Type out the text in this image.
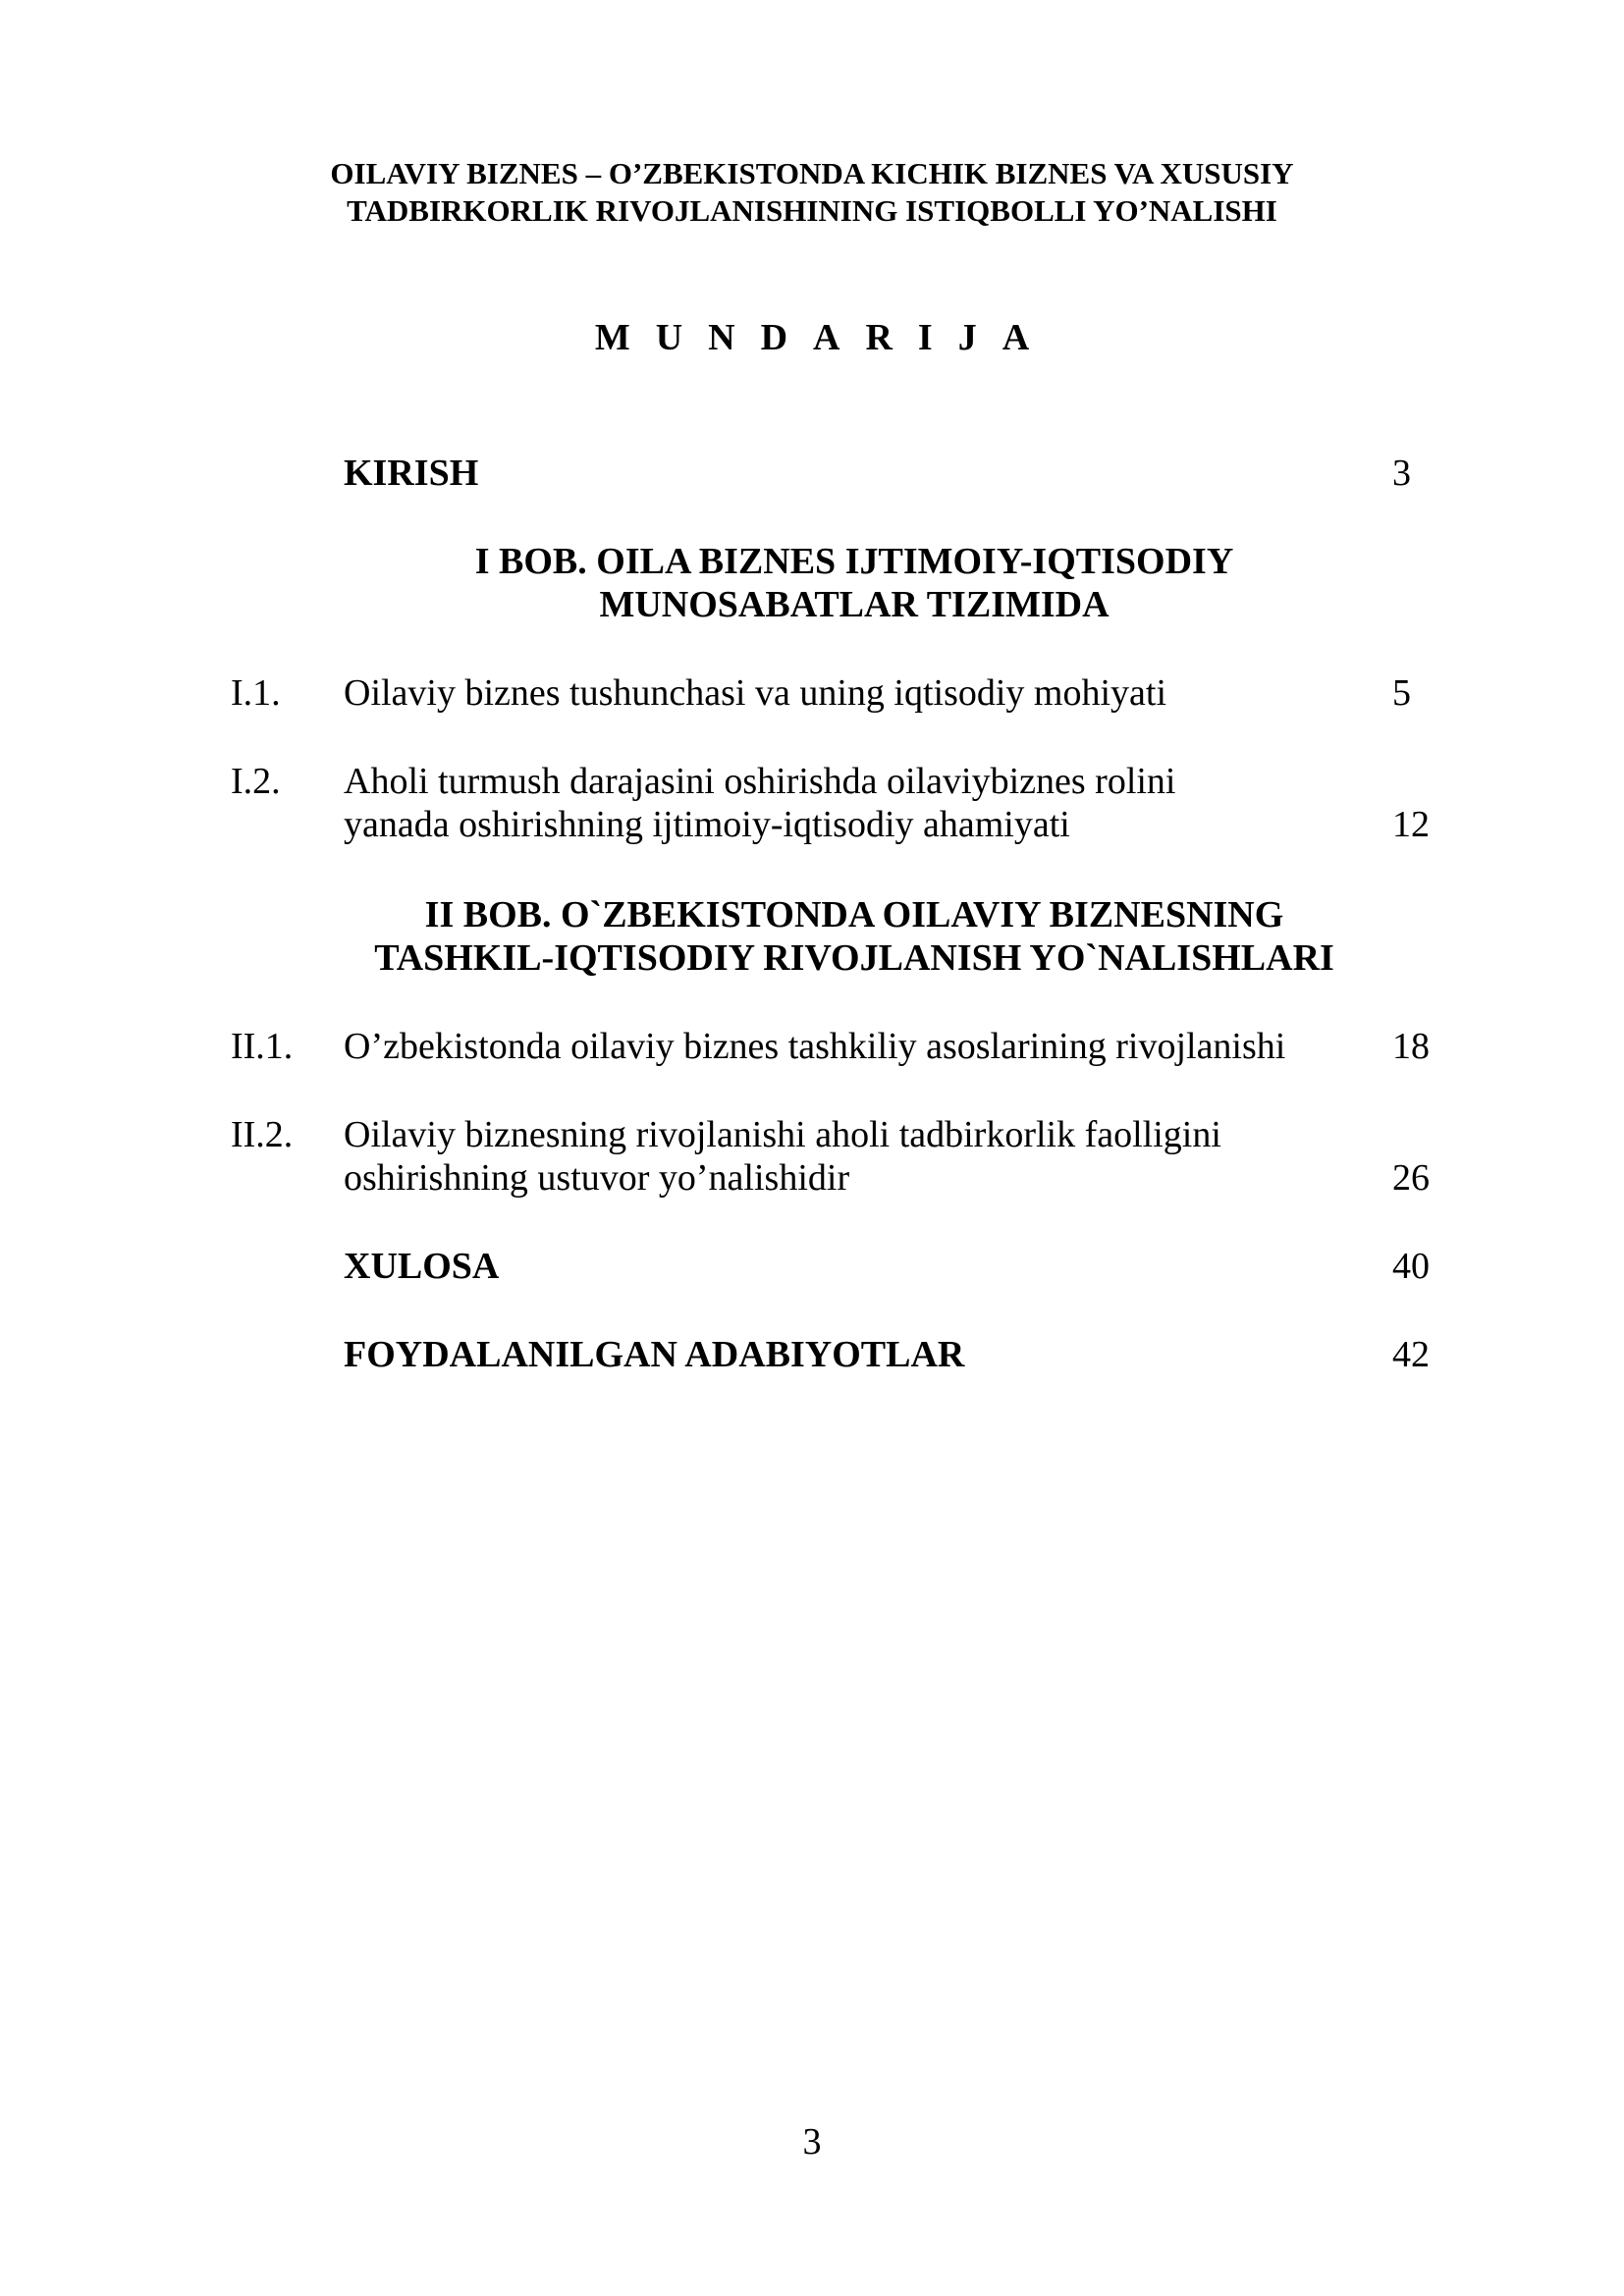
OILAVIY BIZNES – O’ZBEKISTONDA KICHIK BIZNES VA XUSUSIY
TADBIRKORLIK RIVOJLANISHINING ISTIQBOLLI YO’NALISHI
MUNDARIJA
KIRISH	3
I BOB. OILA BIZNES IJTIMOIY-IQTISODIY
MUNOSABATLAR TIZIMIDA
I.1. Oilaviy biznes tushunchasi va uning iqtisodiy mohiyati	5
I.2. Aholi turmush darajasini oshirishda oilaviybiznes rolini
yanada oshirishning ijtimoiy-iqtisodiy ahamiyati	12
II BOB. O`ZBEKISTONDA OILAVIY BIZNESNING
TASHKIL-IQTISODIY RIVOJLANISH YO`NALISHLARI
II.1. O’zbekistonda oilaviy biznes tashkiliy asoslarining rivojlanishi	18
II.2. Oilaviy biznesning rivojlanishi aholi tadbirkorlik faolligini
oshirishning ustuvor yo’nalishidir	26
XULOSA	40
FOYDALANILGAN ADABIYOTLAR	42
3
